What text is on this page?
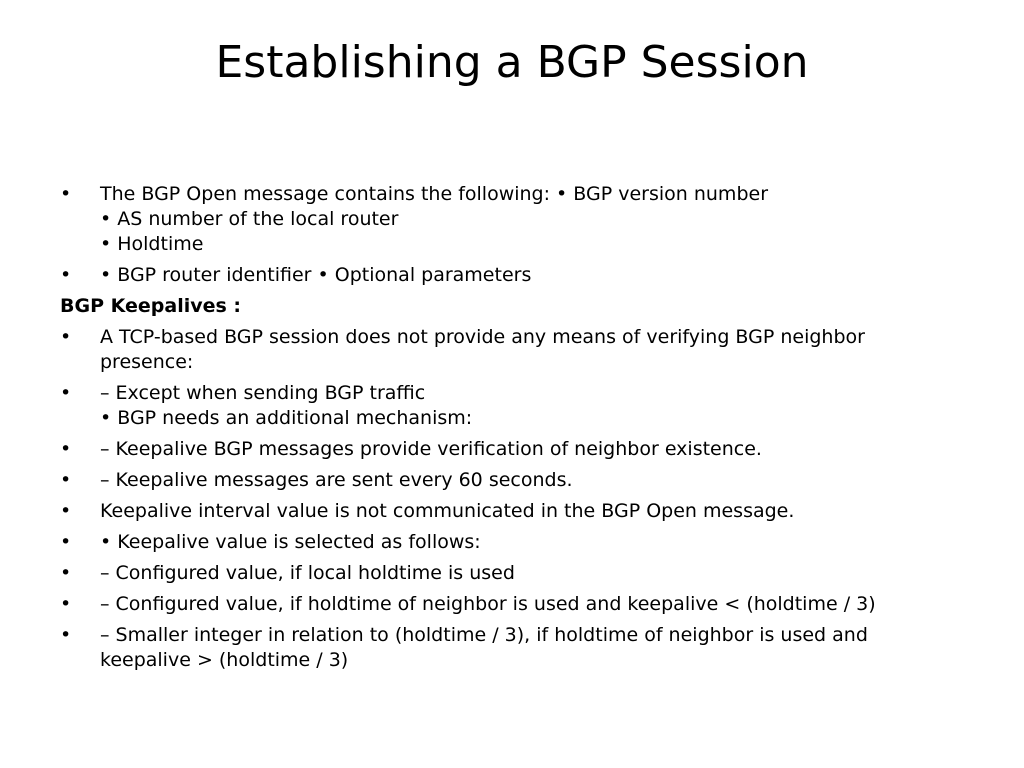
Establishing a BGP Session
•	The BGP Open message contains the following: • BGP version number
• AS number of the local router
• Holdtime
•	• BGP router identifier • Optional parameters
BGP Keepalives :
•	A TCP-based BGP session does not provide any means of verifying BGP neighbor
presence:
•	– Except when sending BGP traffic
• BGP needs an additional mechanism:
•	– Keepalive BGP messages provide verification of neighbor existence.
•	– Keepalive messages are sent every 60 seconds.
•	Keepalive interval value is not communicated in the BGP Open message.
•	• Keepalive value is selected as follows:
•	– Configured value, if local holdtime is used
•	– Configured value, if holdtime of neighbor is used and keepalive < (holdtime / 3)
•	– Smaller integer in relation to (holdtime / 3), if holdtime of neighbor is used and
keepalive > (holdtime / 3)
